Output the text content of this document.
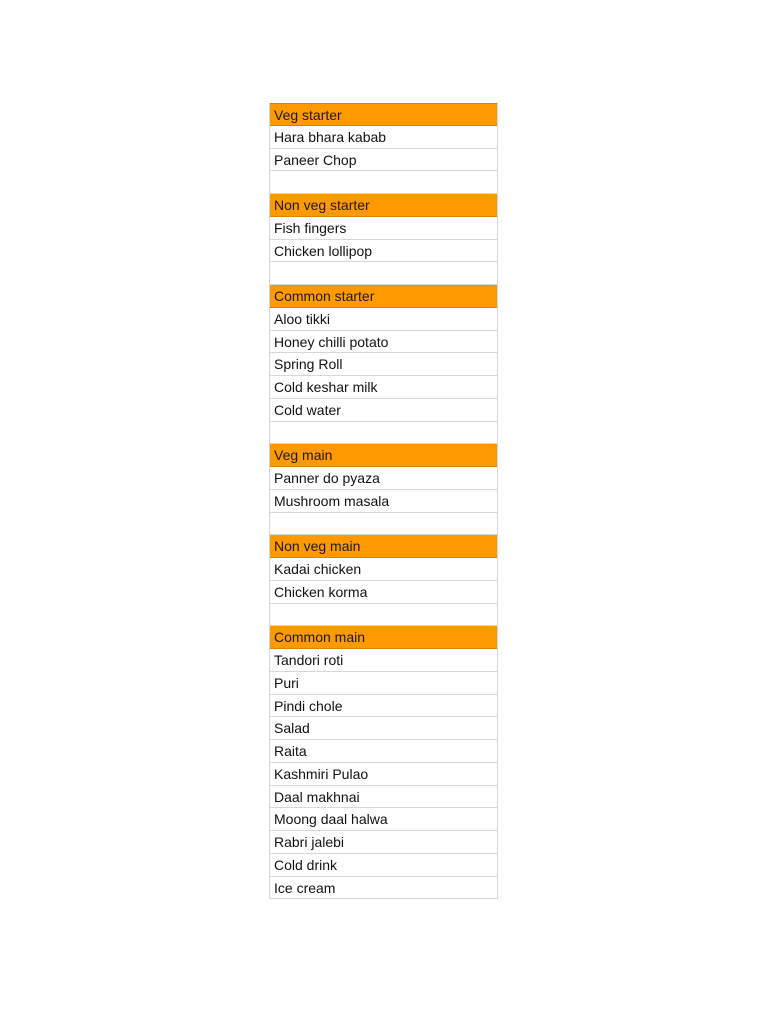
Veg starter
Hara bhara kabab
Paneer Chop
Non veg starter
Fish fingers
Chicken lollipop
Common starter
Aloo tikki
Honey chilli potato
Spring Roll
Cold keshar milk
Cold water
Veg main
Panner do pyaza
Mushroom masala
Non veg main
Kadai chicken
Chicken korma
Common main
Tandori roti
Puri
Pindi chole
Salad
Raita
Kashmiri Pulao
Daal makhnai
Moong daal halwa
Rabri jalebi
Cold drink
Ice cream
